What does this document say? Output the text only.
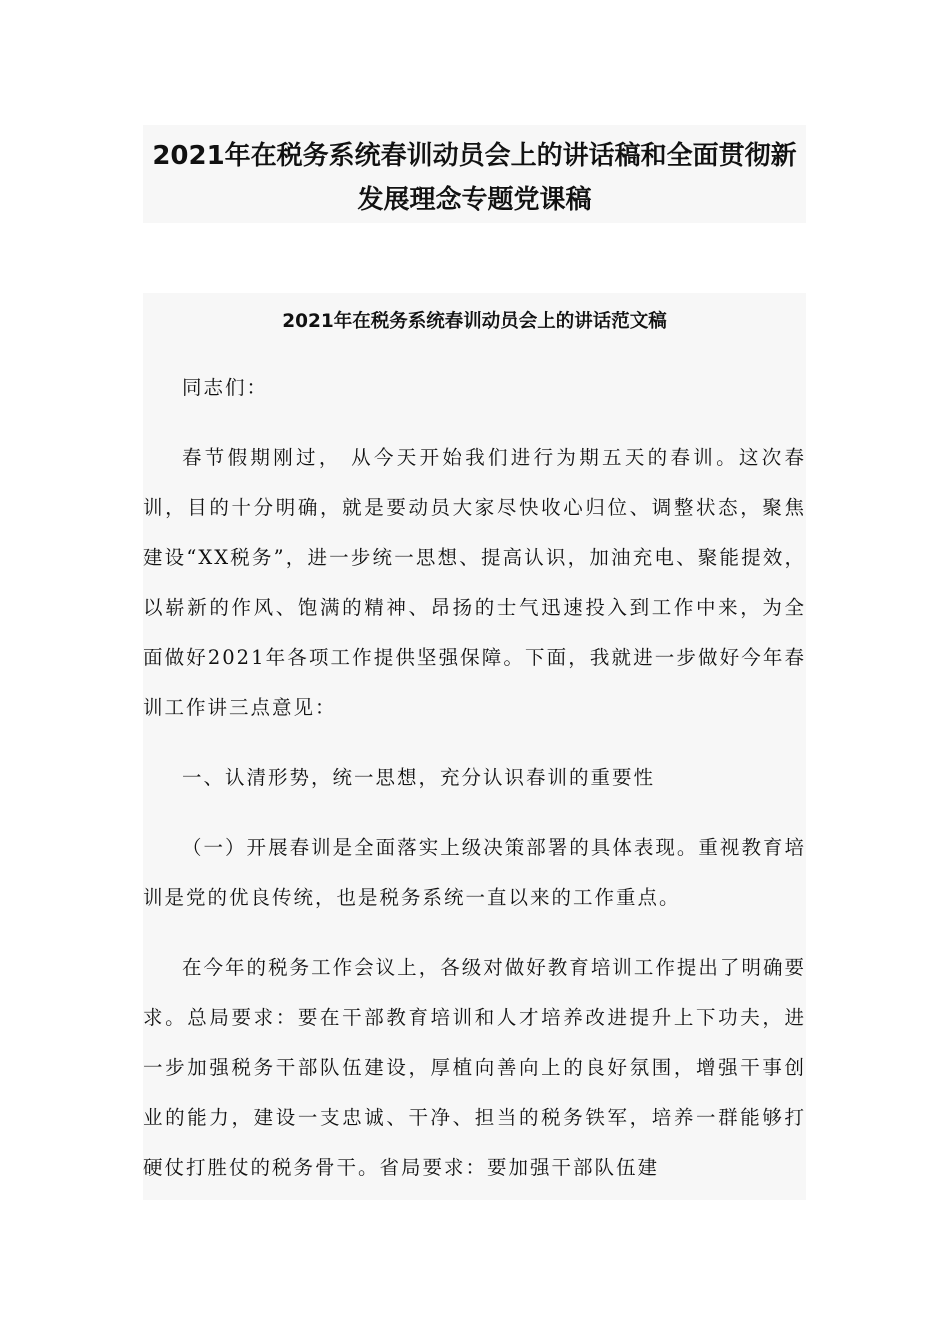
2021年在税务系统春训动员会上的讲话稿和全面贯彻新发展理念专题党课稿
2021年在税务系统春训动员会上的讲话范文稿

同志们：

春节假期刚过， 从今天开始我们进行为期五天的春训。这次春训，目的十分明确，就是要动员大家尽快收心归位、调整状态，聚焦建设“XX税务”，进一步统一思想、提高认识，加油充电、聚能提效，以崭新的作风、饱满的精神、昂扬的士气迅速投入到工作中来，为全面做好2021年各项工作提供坚强保障。下面，我就进一步做好今年春训工作讲三点意见：

一、认清形势，统一思想，充分认识春训的重要性

（一）开展春训是全面落实上级决策部署的具体表现。重视教育培训是党的优良传统，也是税务系统一直以来的工作重点。

在今年的税务工作会议上，各级对做好教育培训工作提出了明确要求。总局要求：要在干部教育培训和人才培养改进提升上下功夫，进一步加强税务干部队伍建设，厚植向善向上的良好氛围，增强干事创业的能力，建设一支忠诚、干净、担当的税务铁军，培养一群能够打硬仗打胜仗的税务骨干。省局要求：要加强干部队伍建
